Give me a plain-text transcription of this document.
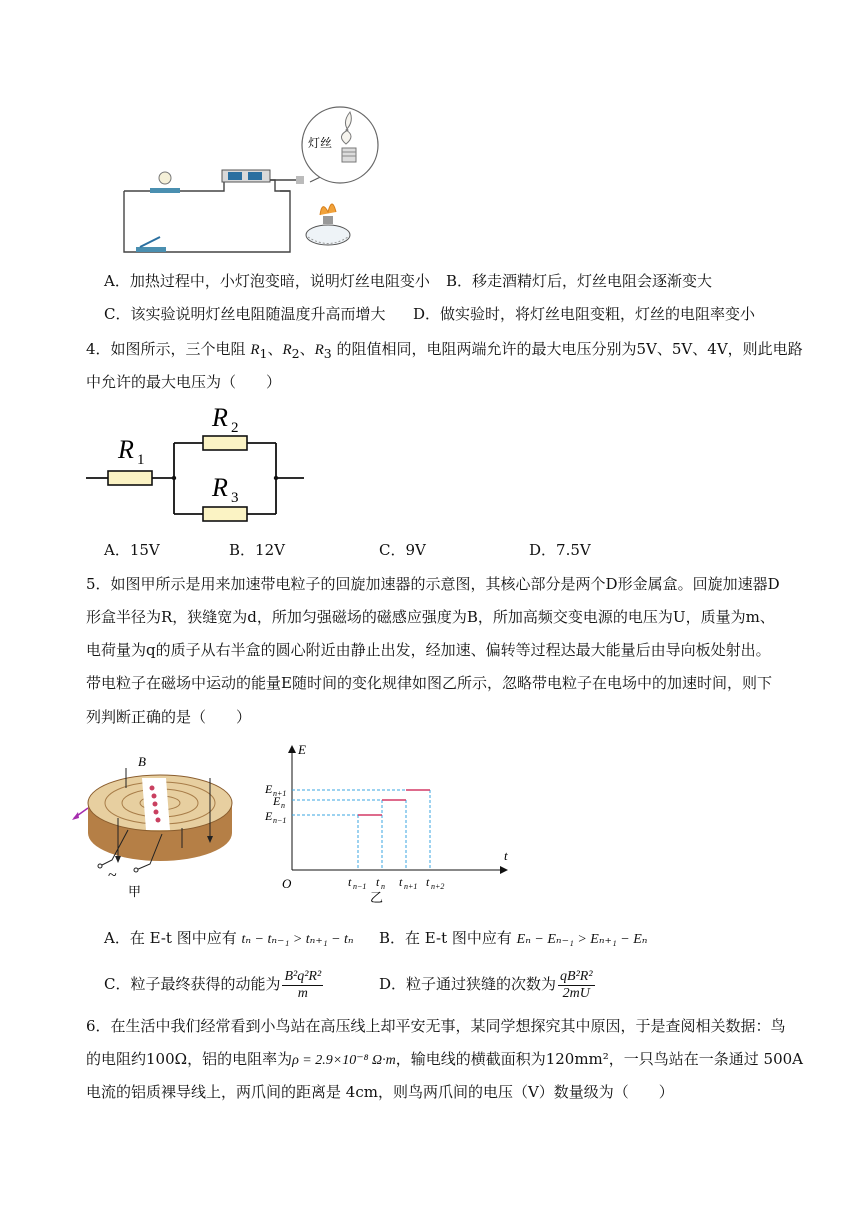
灯丝
A．加热过程中，小灯泡变暗，说明灯丝电阻变小 B．移走酒精灯后，灯丝电阻会逐渐变大
C．该实验说明灯丝电阻随温度升高而增大 D．做实验时，将灯丝电阻变粗，灯丝的电阻率变小
4．如图所示，三个电阻 $R_1$、$R_2$、$R_3$ 的阻值相同，电阻两端允许的最大电压分别为5V、5V、4V，则此电路
中允许的最大电压为（　　）
R 1
R 2
R 3
A．15V	B．12V	C．9V	D．7.5V
5．如图甲所示是用来加速带电粒子的回旋加速器的示意图，其核心部分是两个D形金属盒。回旋加速器D
形盒半径为R，狭缝宽为d，所加匀强磁场的磁感应强度为B，所加高频交变电源的电压为U，质量为m、
电荷量为q的质子从右半盒的圆心附近由静止出发，经加速、偏转等过程达最大能量后由导向板处射出。
带电粒子在磁场中运动的能量E随时间的变化规律如图乙所示，忽略带电粒子在电场中的加速时间，则下
列判断正确的是（　　）
B
~
甲
E
t
O
E n+1
E n
E n−1
t n−1 t n t n+1 t n+2
乙
A．在 E-t 图中应有 tₙ − tₙ₋₁ > tₙ₊₁ − tₙ B．在 E-t 图中应有 Eₙ − Eₙ₋₁ > Eₙ₊₁ − Eₙ
C．粒子最终获得的动能为 $\frac{\text{B²q²R²}}{m}$	D．粒子通过狭缝的次数为 $\frac{\text{qB²R²}}{2mU}$
6．在生活中我们经常看到小鸟站在高压线上却平安无事，某同学想探究其中原因，于是查阅相关数据：鸟
的电阻约100Ω，铝的电阻率为ρ = 2.9×10⁻⁸ Ω·m，输电线的横截面积为120mm²，一只鸟站在一条通过 500A
电流的铝质裸导线上，两爪间的距离是 4cm，则鸟两爪间的电压（V）数量级为（　　）
